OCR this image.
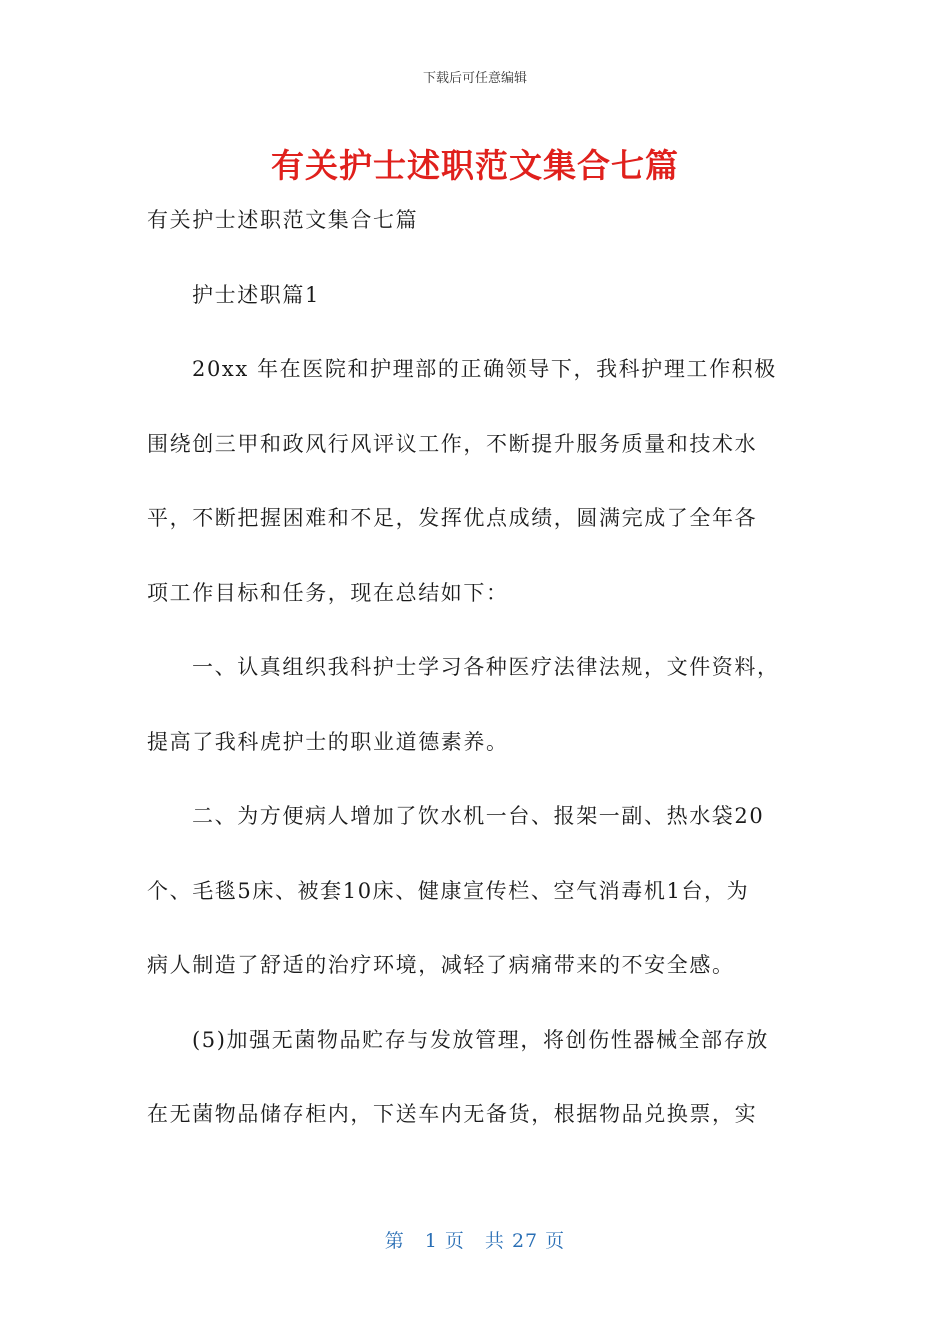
下载后可任意编辑
有关护士述职范文集合七篇
有关护士述职范文集合七篇
护士述职篇1
20xx 年在医院和护理部的正确领导下，我科护理工作积极
围绕创三甲和政风行风评议工作，不断提升服务质量和技术水
平，不断把握困难和不足，发挥优点成绩，圆满完成了全年各
项工作目标和任务，现在总结如下：
一、认真组织我科护士学习各种医疗法律法规，文件资料，
提高了我科虎护士的职业道德素养。
二、为方便病人增加了饮水机一台、报架一副、热水袋20
个、毛毯5床、被套10床、健康宣传栏、空气消毒机1台，为
病人制造了舒适的治疗环境，减轻了病痛带来的不安全感。
(5)加强无菌物品贮存与发放管理，将创伤性器械全部存放
在无菌物品储存柜内，下送车内无备货，根据物品兑换票，实
第　1 页　共 27 页
